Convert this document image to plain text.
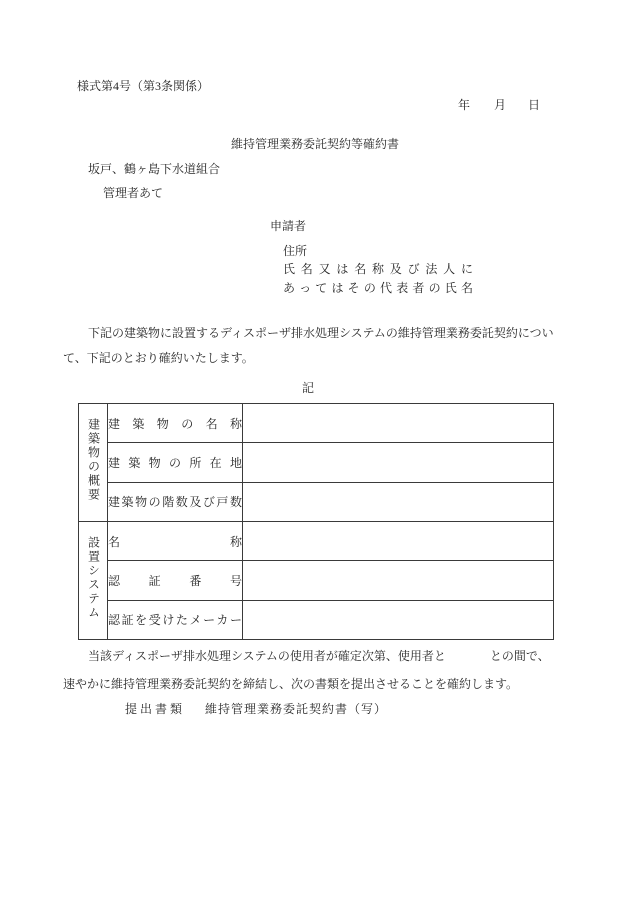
様式第4号（第3条関係）
年 月 日
維持管理業務委託契約等確約書
坂戸、鶴ヶ島下水道組合
管理者あて
申請者
住所
氏名又は名称及び法人に
あってはその代表者の氏名
下記の建築物に設置するディスポーザ排水処理システムの維持管理業務委託契約につい
て、下記のとおり確約いたします。
記
建築物の概要	建築物の名称	
	建築物の所在地	
	建築物の階数及び戸数	
設置システム	名称	
	認証番号	
	認証を受けたメーカー	
当該ディスポーザ排水処理システムの使用者が確定次第、使用者と	との間で、
速やかに維持管理業務委託契約を締結し、次の書類を提出させることを確約します。
提出書類 維持管理業務委託契約書（写）
